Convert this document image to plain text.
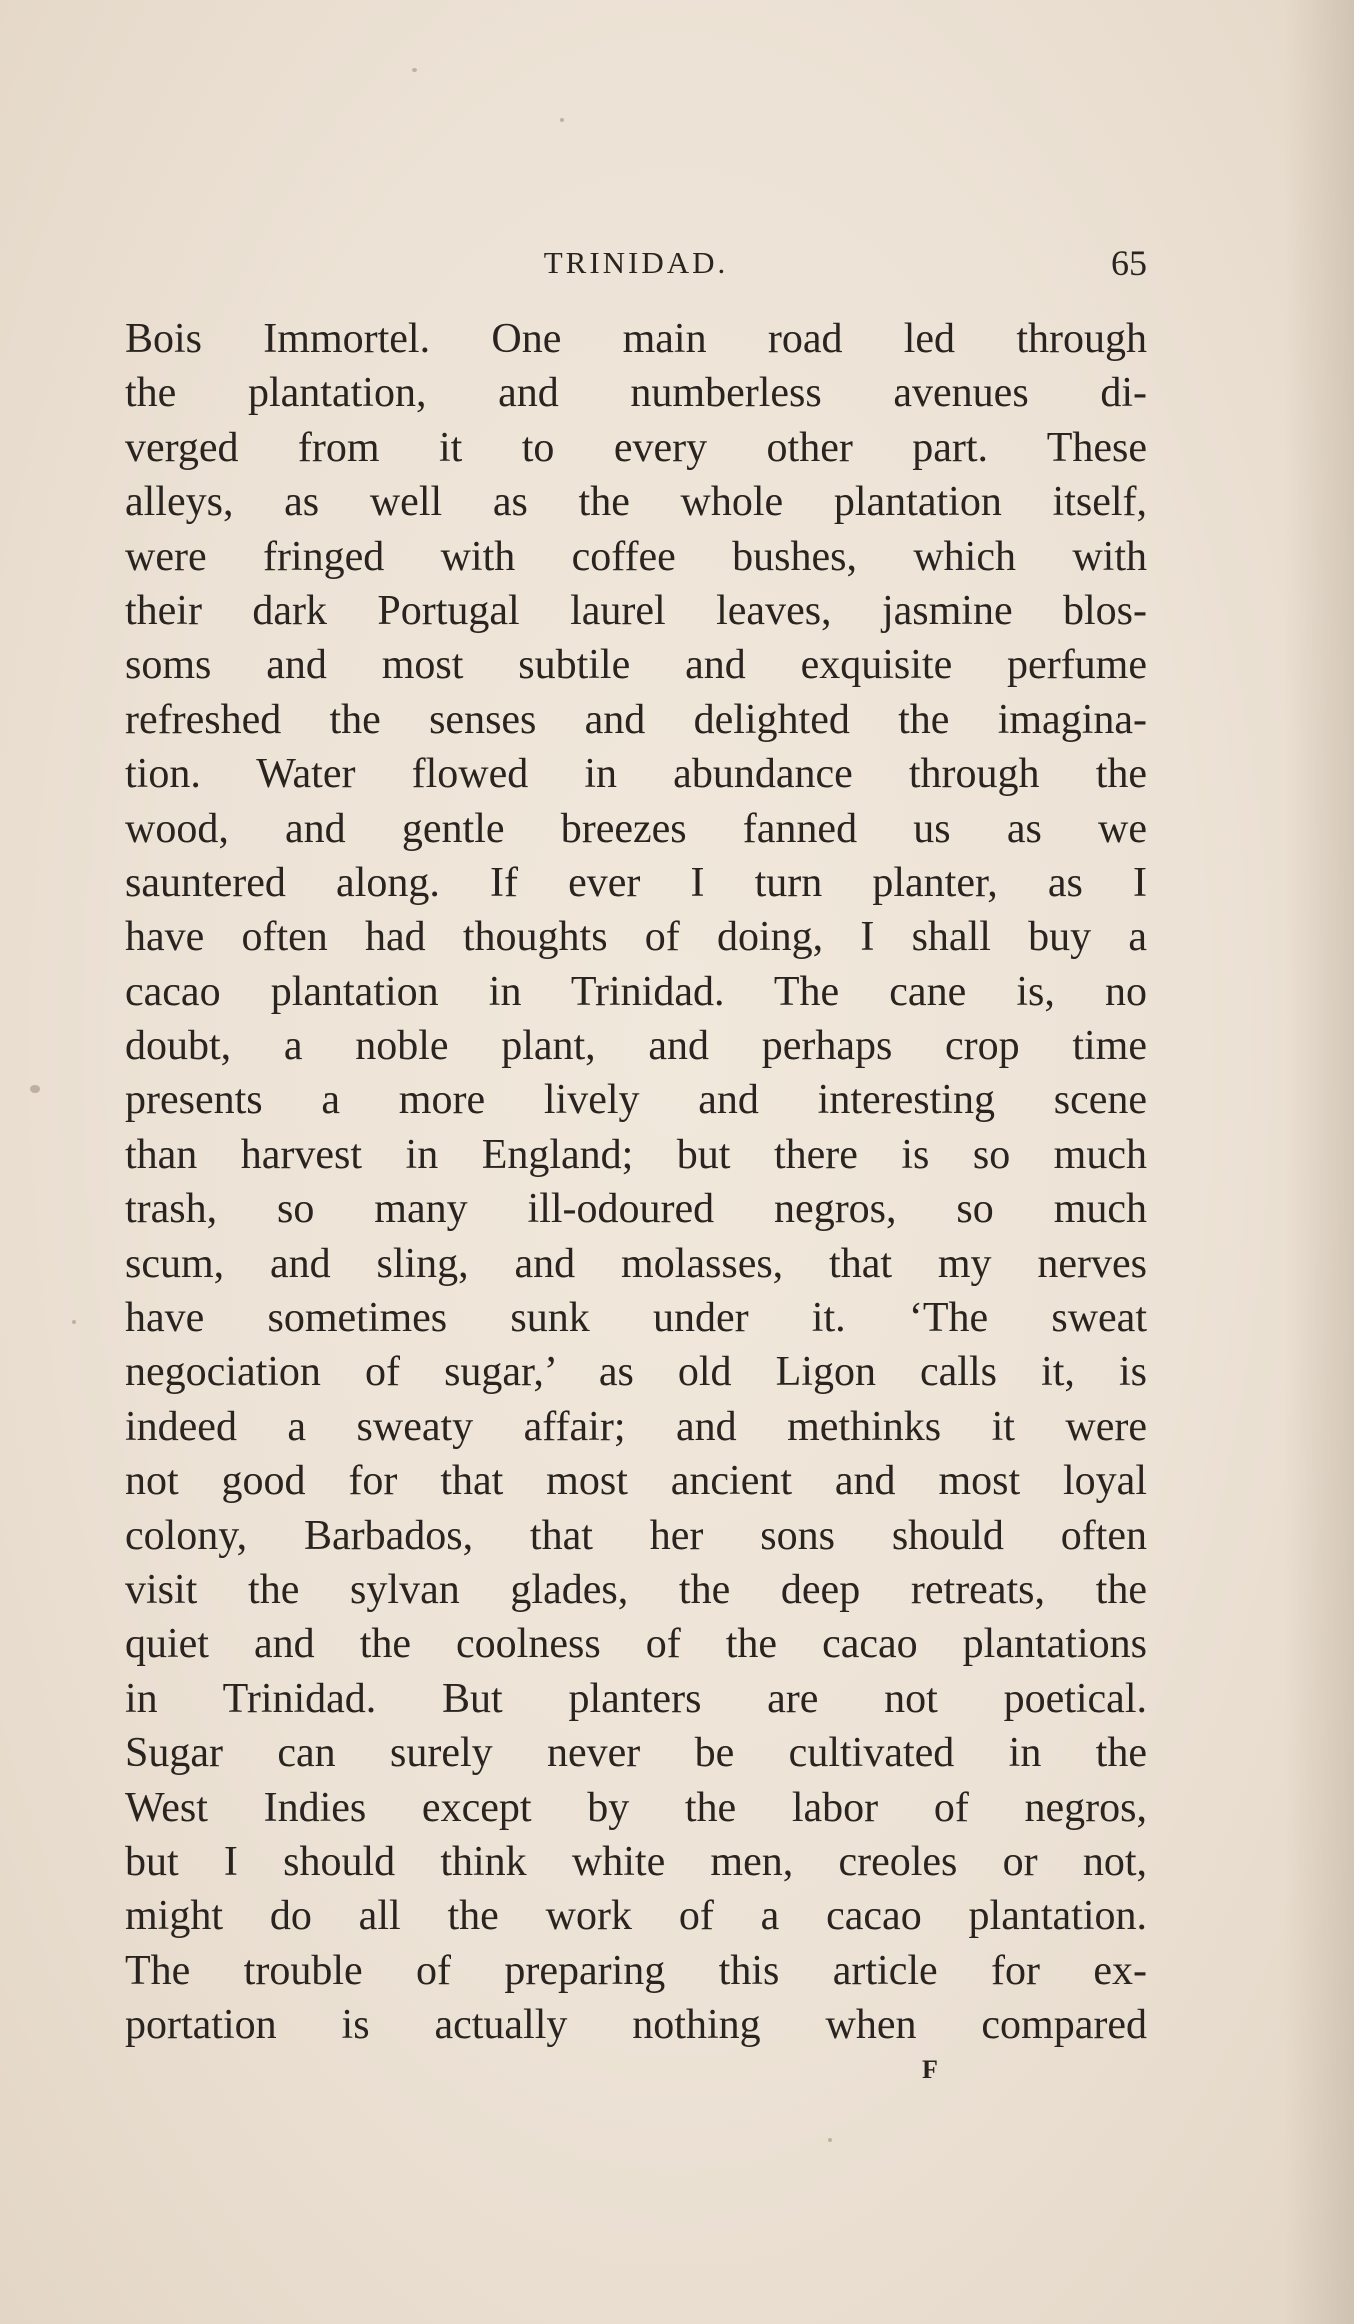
TRINIDAD.	65
Bois Immortel. One main road led through
the plantation, and numberless avenues di-
verged from it to every other part. These
alleys, as well as the whole plantation itself,
were fringed with coffee bushes, which with
their dark Portugal laurel leaves, jasmine blos-
soms and most subtile and exquisite perfume
refreshed the senses and delighted the imagina-
tion. Water flowed in abundance through the
wood, and gentle breezes fanned us as we
sauntered along. If ever I turn planter, as I
have often had thoughts of doing, I shall buy a
cacao plantation in Trinidad. The cane is, no
doubt, a noble plant, and perhaps crop time
presents a more lively and interesting scene
than harvest in England; but there is so much
trash, so many ill-odoured negros, so much
scum, and sling, and molasses, that my nerves
have sometimes sunk under it. ‘The sweat
negociation of sugar,’ as old Ligon calls it, is
indeed a sweaty affair; and methinks it were
not good for that most ancient and most loyal
colony, Barbados, that her sons should often
visit the sylvan glades, the deep retreats, the
quiet and the coolness of the cacao plantations
in Trinidad. But planters are not poetical.
Sugar can surely never be cultivated in the
West Indies except by the labor of negros,
but I should think white men, creoles or not,
might do all the work of a cacao plantation.
The trouble of preparing this article for ex-
portation is actually nothing when compared
F
